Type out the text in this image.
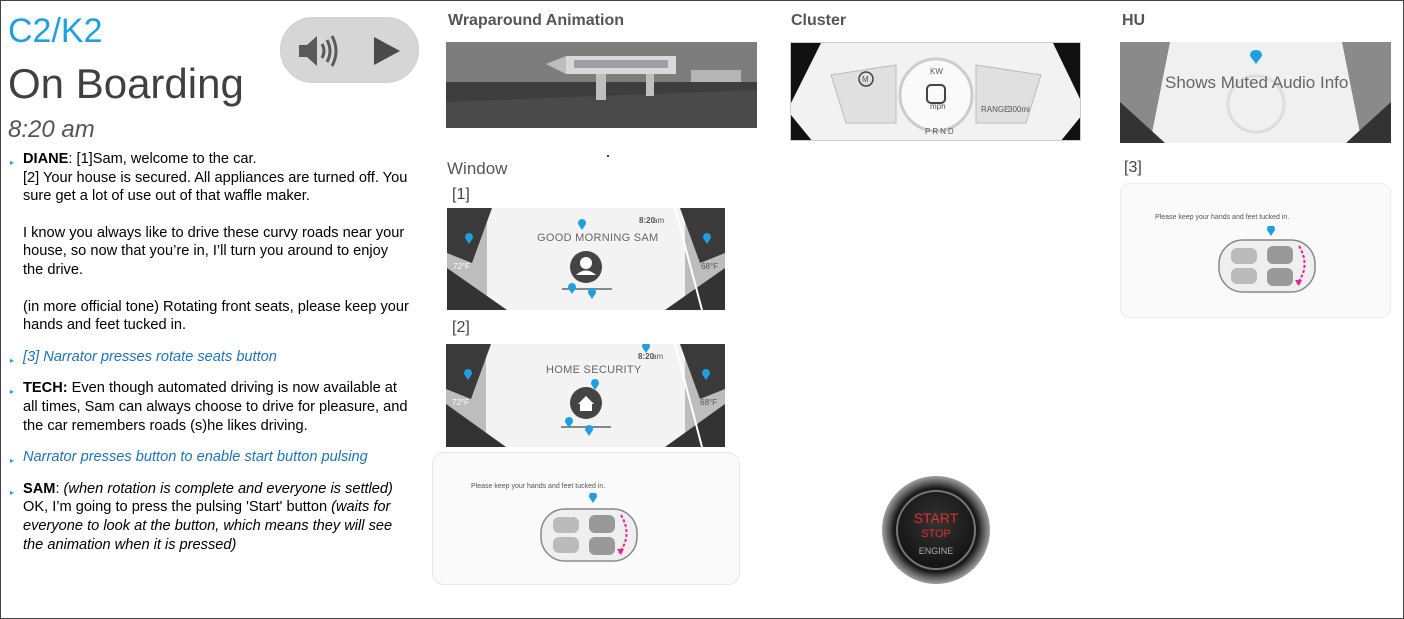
C2/K2
On Boarding
8:20 am
▸ DIANE: [1]Sam, welcome to the car.
[2] Your house is secured. All appliances are turned off. You sure get a lot of use out of that waffle maker.

I know you always like to drive these curvy roads near your house, so now that you’re in, I’ll turn you around to enjoy the drive.

(in more official tone) Rotating front seats, please keep your hands and feet tucked in.

▸ [3] Narrator presses rotate seats button

▸ TECH: Even though automated driving is now available at all times, Sam can always choose to drive for pleasure, and the car remembers roads (s)he likes driving.

▸ Narrator presses button to enable start button pulsing

▸ SAM: (when rotation is complete and everyone is settled) OK, I’m going to press the pulsing 'Start' button (waits for everyone to look at the button, which means they will see the animation when it is pressed)

Wraparound Animation	Cluster	HU
Window
[1]
[2]
[3]
M
KW
mph
PRND
RANGE
300mi
Shows Muted Audio Info
GOOD MORNING SAM
8:20
am
72°F	68°F
HOME SECURITY
8:20
am
72°F	68°F
Please keep your hands and feet tucked in.
Please keep your hands and feet tucked in.
START
STOP
ENGINE
